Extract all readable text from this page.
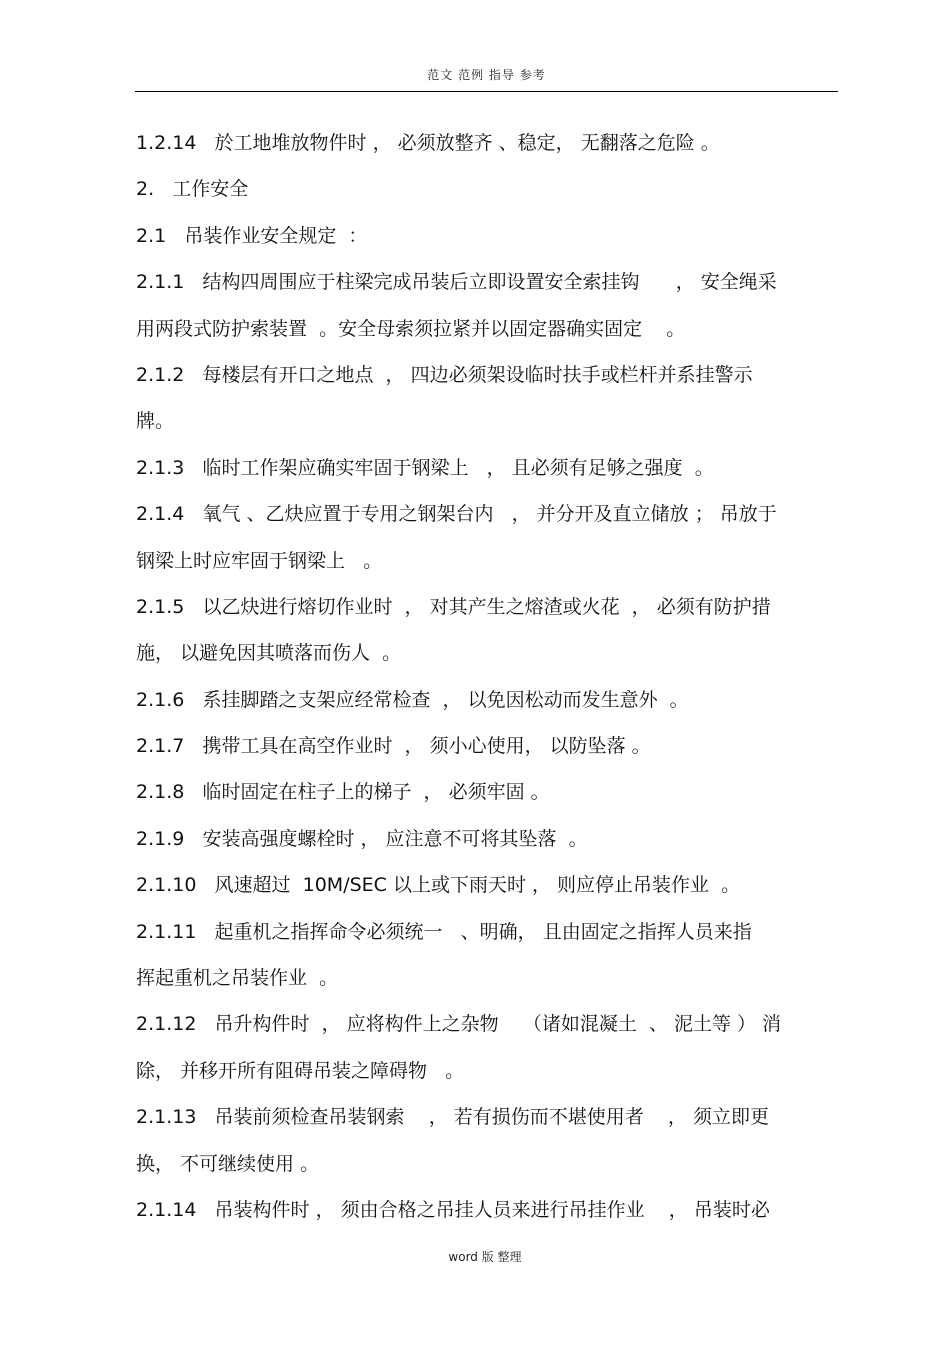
范文 范例 指导 参考
1.2.14   於工地堆放物件时 ， 必须放整齐 、稳定， 无翻落之危险 。
2.   工作安全
2.1   吊装作业安全规定  ：
2.1.1   结构四周围应于柱梁完成吊装后立即设置安全索挂钩      ， 安全绳采
用两段式防护索装置  。安全母索须拉紧并以固定器确实固定    。
2.1.2   每楼层有开口之地点  ， 四边必须架设临时扶手或栏杆并系挂警示
牌。
2.1.3   临时工作架应确实牢固于钢梁上   ， 且必须有足够之强度  。
2.1.4   氧气 、乙炔应置于专用之钢架台内   ， 并分开及直立储放 ； 吊放于
钢梁上时应牢固于钢梁上   。
2.1.5   以乙炔进行熔切作业时  ， 对其产生之熔渣或火花  ， 必须有防护措
施， 以避免因其喷落而伤人  。
2.1.6   系挂脚踏之支架应经常检查  ， 以免因松动而发生意外  。
2.1.7   携带工具在高空作业时  ， 须小心使用， 以防坠落 。
2.1.8   临时固定在柱子上的梯子  ， 必须牢固 。
2.1.9   安装高强度螺栓时 ， 应注意不可将其坠落  。
2.1.10   风速超过  10M/SEC 以上或下雨天时 ， 则应停止吊装作业  。
2.1.11   起重机之指挥命令必须统一   、明确， 且由固定之指挥人员来指
挥起重机之吊装作业  。
2.1.12   吊升构件时  ， 应将构件上之杂物    （诸如混凝土  、 泥土等 ） 消
除， 并移开所有阻碍吊装之障碍物   。
2.1.13   吊装前须检查吊装钢索    ， 若有损伤而不堪使用者    ， 须立即更
换， 不可继续使用 。
2.1.14   吊装构件时 ， 须由合格之吊挂人员来进行吊挂作业    ， 吊装时必
word 版 整理
